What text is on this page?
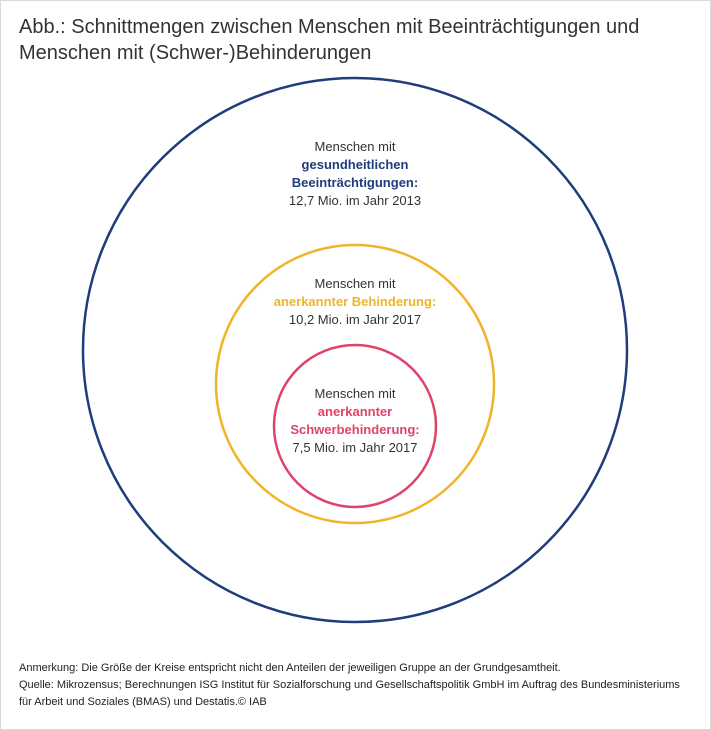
Abb.: Schnittmengen zwischen Menschen mit Beeinträchtigungen und
Menschen mit (Schwer-)Behinderungen
Menschen mit
gesundheitlichen
Beeinträchtigungen:
12,7 Mio. im Jahr 2013
Menschen mit
anerkannter Behinderung:
10,2 Mio. im Jahr 2017
Menschen mit
anerkannter
Schwerbehinderung:
7,5 Mio. im Jahr 2017
Anmerkung: Die Größe der Kreise entspricht nicht den Anteilen der jeweiligen Gruppe an der Grundgesamtheit.
Quelle: Mikrozensus; Berechnungen ISG Institut für Sozialforschung und Gesellschaftspolitik GmbH im Auftrag des Bundesministeriums
für Arbeit und Soziales (BMAS) und Destatis.© IAB
